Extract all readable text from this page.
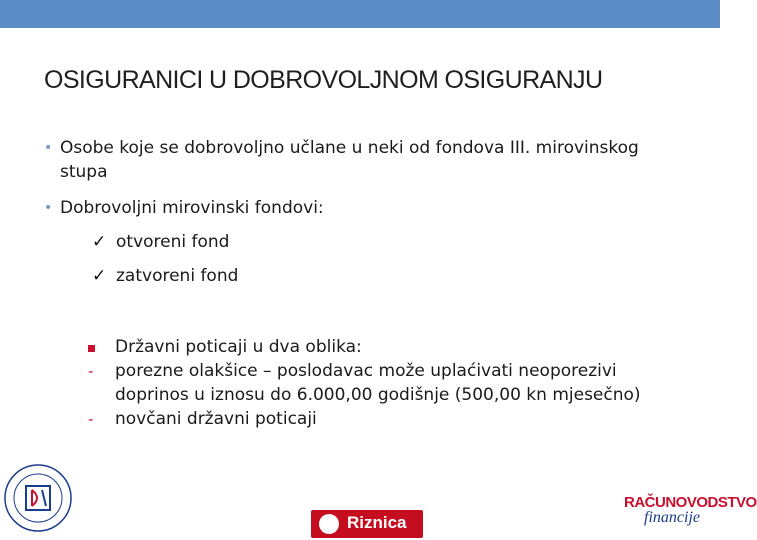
OSIGURANICI U DOBROVOLJNOM OSIGURANJU
• Osobe koje se dobrovoljno učlane u neki od fondova III. mirovinskog stupa
• Dobrovoljni mirovinski fondovi:
✓ otvoreni fond
✓ zatvoreni fond
Državni poticaji u dva oblika:
- porezne olakšice – poslodavac može uplaćivati neoporezivi doprinos u iznosu do 6.000,00 godišnje (500,00 kn mjesečno)
- novčani državni poticaji
Riznica
RAČUNOVODSTVO
financije
